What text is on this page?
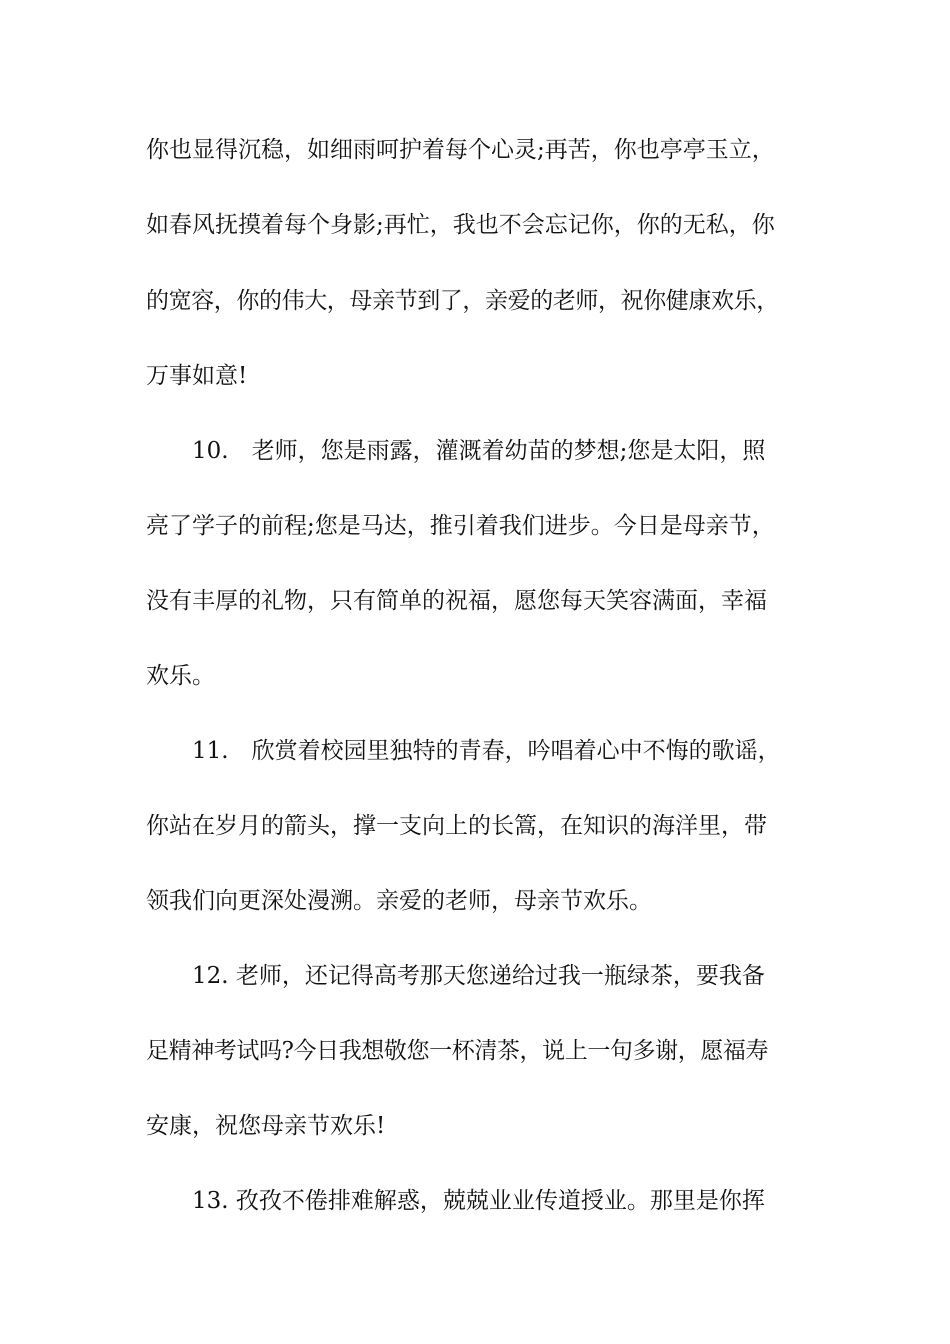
你也显得沉稳，如细雨呵护着每个心灵;再苦，你也亭亭玉立，

如春风抚摸着每个身影;再忙，我也不会忘记你，你的无私，你

的宽容，你的伟大，母亲节到了，亲爱的老师，祝你健康欢乐，

万事如意!

10.　老师，您是雨露，灌溉着幼苗的梦想;您是太阳，照

亮了学子的前程;您是马达，推引着我们进步。今日是母亲节，

没有丰厚的礼物，只有简单的祝福，愿您每天笑容满面，幸福

欢乐。

11.　欣赏着校园里独特的青春，吟唱着心中不悔的歌谣，

你站在岁月的箭头，撑一支向上的长篙，在知识的海洋里，带

领我们向更深处漫溯。亲爱的老师，母亲节欢乐。

12. 老师，还记得高考那天您递给过我一瓶绿茶，要我备

足精神考试吗?今日我想敬您一杯清茶，说上一句多谢，愿福寿

安康，祝您母亲节欢乐!

13. 孜孜不倦排难解惑，兢兢业业传道授业。那里是你挥
